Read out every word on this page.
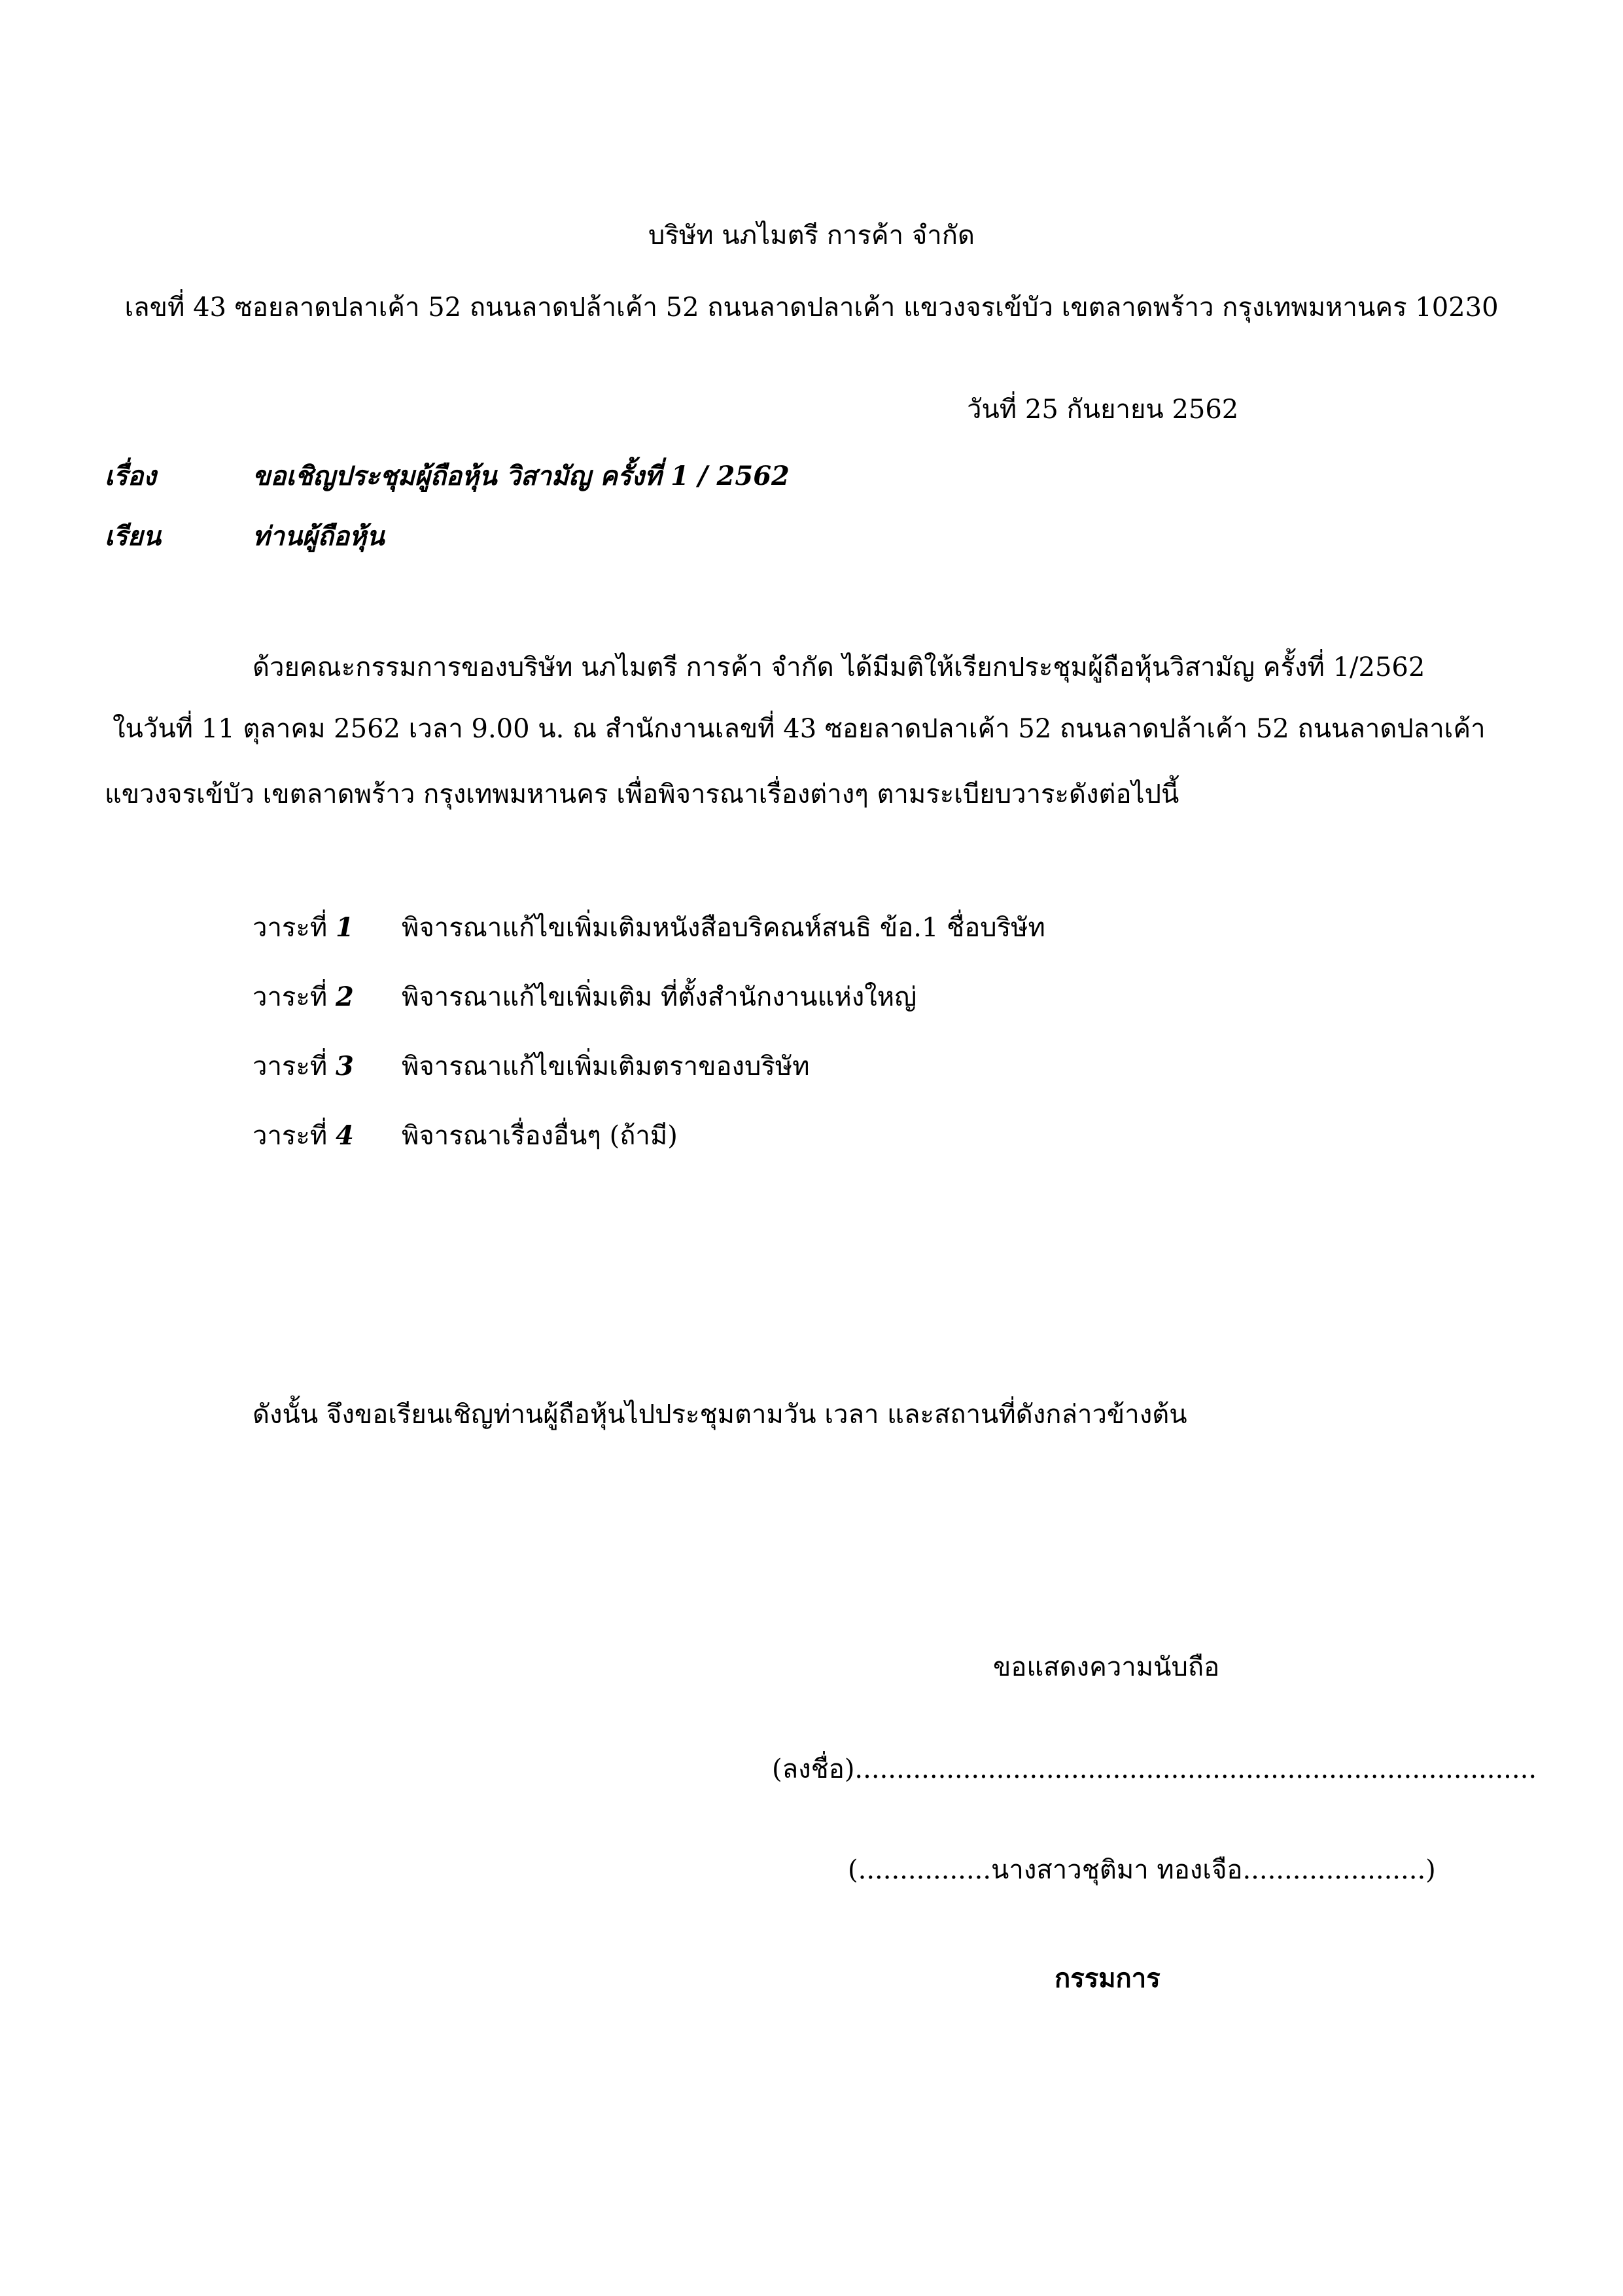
บริษัท นภไมตรี การค้า จำกัด
เลขที่ 43 ซอยลาดปลาเค้า 52 ถนนลาดปล้าเค้า 52 ถนนลาดปลาเค้า แขวงจรเข้บัว เขตลาดพร้าว กรุงเทพมหานคร 10230
วันที่ 25 กันยายน 2562
เรื่อง	ขอเชิญประชุมผู้ถือหุ้น วิสามัญ ครั้งที่ 1 / 2562
เรียน	ท่านผู้ถือหุ้น
ด้วยคณะกรรมการของบริษัท นภไมตรี การค้า จำกัด ได้มีมติให้เรียกประชุมผู้ถือหุ้นวิสามัญ ครั้งที่ 1/2562
ในวันที่ 11 ตุลาคม 2562 เวลา 9.00 น. ณ สำนักงานเลขที่ 43 ซอยลาดปลาเค้า 52 ถนนลาดปล้าเค้า 52 ถนนลาดปลาเค้า
แขวงจรเข้บัว เขตลาดพร้าว กรุงเทพมหานคร เพื่อพิจารณาเรื่องต่างๆ ตามระเบียบวาระดังต่อไปนี้
วาระที่ 1 พิจารณาแก้ไขเพิ่มเติมหนังสือบริคณห์สนธิ ข้อ.1 ชื่อบริษัท
วาระที่ 2 พิจารณาแก้ไขเพิ่มเติม ที่ตั้งสำนักงานแห่งใหญ่
วาระที่ 3 พิจารณาแก้ไขเพิ่มเติมตราของบริษัท
วาระที่ 4 พิจารณาเรื่องอื่นๆ (ถ้ามี)
ดังนั้น จึงขอเรียนเชิญท่านผู้ถือหุ้นไปประชุมตามวัน เวลา และสถานที่ดังกล่าวข้างต้น
ขอแสดงความนับถือ
(ลงชื่อ)..................................................................................
(................นางสาวชุติมา ทองเจือ......................)
กรรมการ
